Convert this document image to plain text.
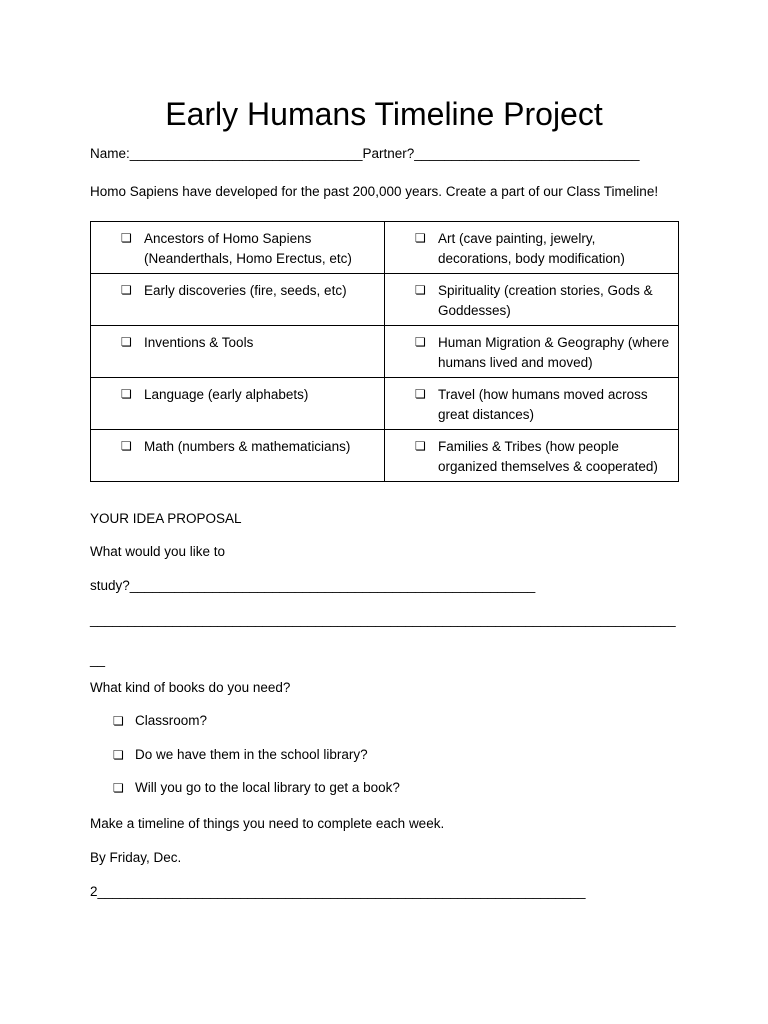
Early Humans Timeline Project
Name:_______________________________Partner?______________________________
Homo Sapiens have developed for the past 200,000 years. Create a part of our Class Timeline!
❏ Ancestors of Homo Sapiens (Neanderthals, Homo Erectus, etc)	❏ Art (cave painting, jewelry, decorations, body modification)

❏ Early discoveries (fire, seeds, etc)	❏ Spirituality (creation stories, Gods & Goddesses)

❏ Inventions & Tools	❏ Human Migration & Geography (where humans lived and moved)

❏ Language (early alphabets)	❏ Travel (how humans moved across great distances)

❏ Math (numbers & mathematicians)	❏ Families & Tribes (how people organized themselves & cooperated)
YOUR IDEA PROPOSAL
What would you like to
study?______________________________________________________
______________________________________________________________________________
__
What kind of books do you need?
❏ Classroom?
❏ Do we have them in the school library?
❏ Will you go to the local library to get a book?
Make a timeline of things you need to complete each week.
By Friday, Dec.
2_________________________________________________________________
